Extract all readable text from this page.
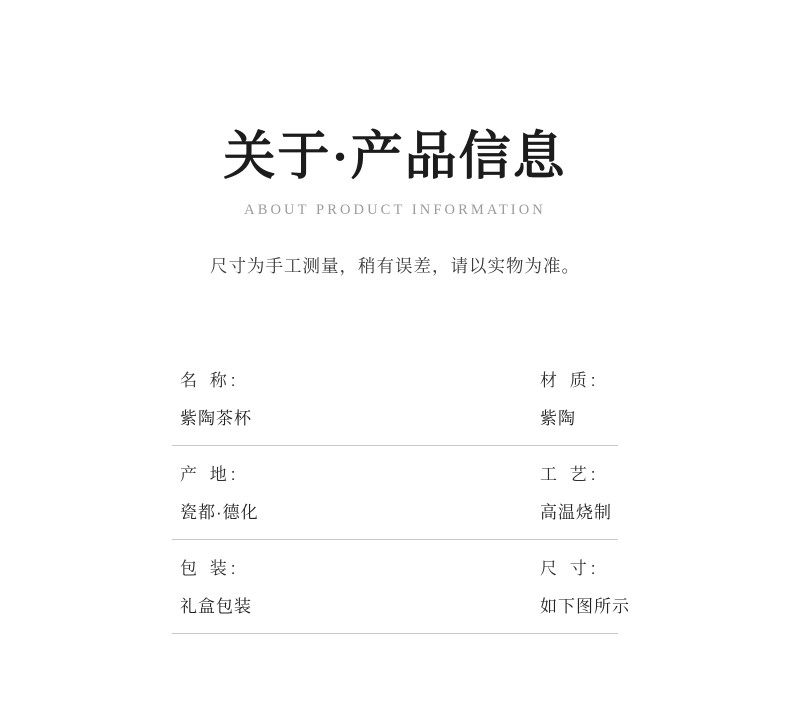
关于·产品信息
ABOUT PRODUCT INFORMATION
尺寸为手工测量，稍有误差，请以实物为准。
名 称:
紫陶茶杯
材 质:
紫陶
产 地:
瓷都·德化
工 艺:
高温烧制
包 装:
礼盒包装
尺 寸:
如下图所示
